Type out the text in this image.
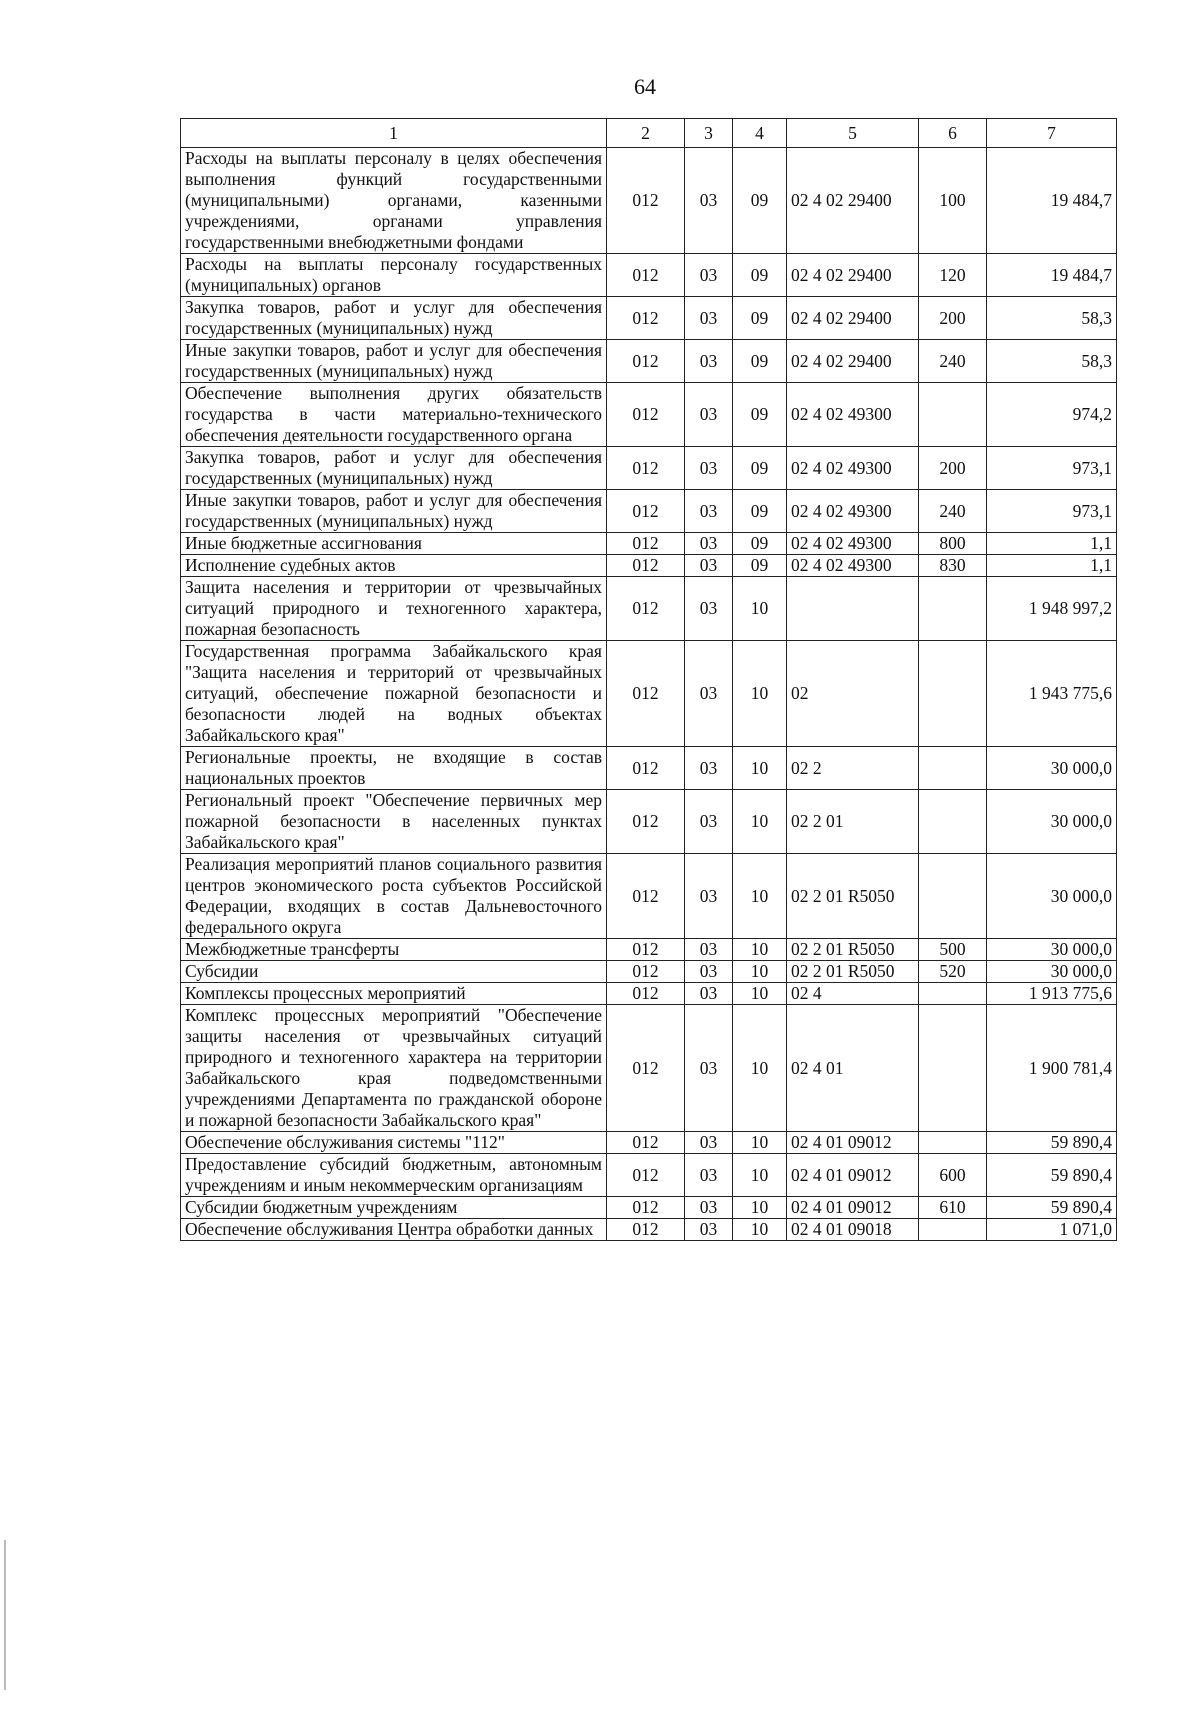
64
1	2	3	4	5	6	7
Расходы на выплаты персоналу в целях обеспечения выполнения функций государственными (муниципальными) органами, казенными учреждениями, органами управления государственными внебюджетными фондами	012	03	09	02 4 02 29400	100	19 484,7
Расходы на выплаты персоналу государственных (муниципальных) органов	012	03	09	02 4 02 29400	120	19 484,7
Закупка товаров, работ и услуг для обеспечения государственных (муниципальных) нужд	012	03	09	02 4 02 29400	200	58,3
Иные закупки товаров, работ и услуг для обеспечения государственных (муниципальных) нужд	012	03	09	02 4 02 29400	240	58,3
Обеспечение выполнения других обязательств государства в части материально-технического обеспечения деятельности государственного органа	012	03	09	02 4 02 49300		974,2
Закупка товаров, работ и услуг для обеспечения государственных (муниципальных) нужд	012	03	09	02 4 02 49300	200	973,1
Иные закупки товаров, работ и услуг для обеспечения государственных (муниципальных) нужд	012	03	09	02 4 02 49300	240	973,1
Иные бюджетные ассигнования	012	03	09	02 4 02 49300	800	1,1
Исполнение судебных актов	012	03	09	02 4 02 49300	830	1,1
Защита населения и территории от чрезвычайных ситуаций природного и техногенного характера, пожарная безопасность	012	03	10			1 948 997,2
Государственная программа Забайкальского края "Защита населения и территорий от чрезвычайных ситуаций, обеспечение пожарной безопасности и безопасности людей на водных объектах Забайкальского края"	012	03	10	02		1 943 775,6
Региональные проекты, не входящие в состав национальных проектов	012	03	10	02 2		30 000,0
Региональный проект "Обеспечение первичных мер пожарной безопасности в населенных пунктах Забайкальского края"	012	03	10	02 2 01		30 000,0
Реализация мероприятий планов социального развития центров экономического роста субъектов Российской Федерации, входящих в состав Дальневосточного федерального округа	012	03	10	02 2 01 R5050		30 000,0
Межбюджетные трансферты	012	03	10	02 2 01 R5050	500	30 000,0
Субсидии	012	03	10	02 2 01 R5050	520	30 000,0
Комплексы процессных мероприятий	012	03	10	02 4		1 913 775,6
Комплекс процессных мероприятий "Обеспечение защиты населения от чрезвычайных ситуаций природного и техногенного характера на территории Забайкальского края подведомственными учреждениями Департамента по гражданской обороне и пожарной безопасности Забайкальского края"	012	03	10	02 4 01		1 900 781,4
Обеспечение обслуживания системы "112"	012	03	10	02 4 01 09012		59 890,4
Предоставление субсидий бюджетным, автономным учреждениям и иным некоммерческим организациям	012	03	10	02 4 01 09012	600	59 890,4
Субсидии бюджетным учреждениям	012	03	10	02 4 01 09012	610	59 890,4
Обеспечение обслуживания Центра обработки данных	012	03	10	02 4 01 09018		1 071,0
